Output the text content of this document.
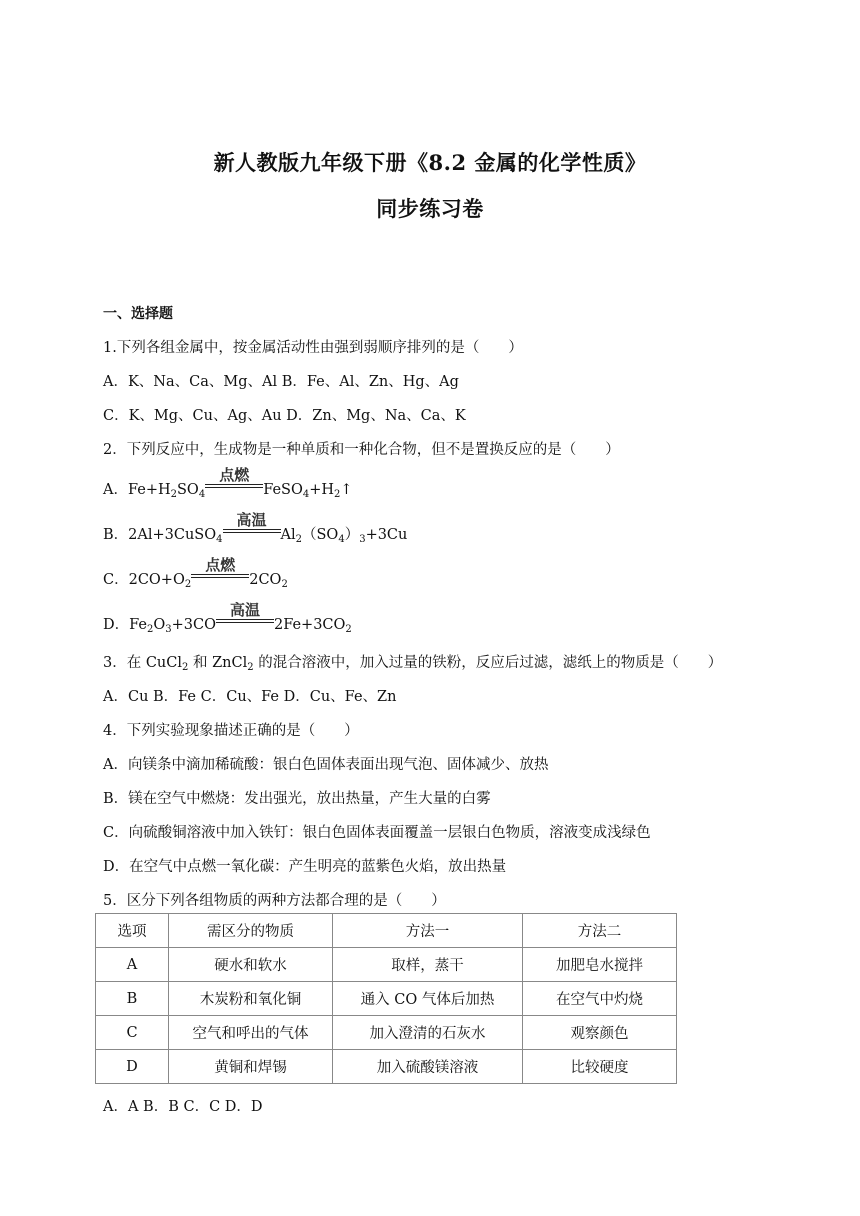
新人教版九年级下册《8.2 金属的化学性质》
同步练习卷
一、选择题
1.下列各组金属中，按金属活动性由强到弱顺序排列的是（　　）
A．K、Na、Ca、Mg、Al B．Fe、Al、Zn、Hg、Ag
C．K、Mg、Cu、Ag、Au D．Zn、Mg、Na、Ca、K
2．下列反应中，生成物是一种单质和一种化合物，但不是置换反应的是（　　）
A．$Fe+H_2SO_4$
点燃
$FeSO_4+H_2↑$
B．2Al+3CuSO$_4$
高温
$Al_2(SO_4)_3+3Cu$
C．$2CO+O_2$
点燃
$2CO_2$
D．$Fe_2O_3+3CO$
高温
$2Fe+3CO_2$
3．在 CuCl$_2$ 和 ZnCl$_2$ 的混合溶液中，加入过量的铁粉，反应后过滤，滤纸上的物质是（　　）
A．Cu B．Fe C．Cu、Fe D．Cu、Fe、Zn
4．下列实验现象描述正确的是（　　）
A．向镁条中滴加稀硫酸：银白色固体表面出现气泡、固体减少、放热
B．镁在空气中燃烧：发出强光，放出热量，产生大量的白雾
C．向硫酸铜溶液中加入铁钉：银白色固体表面覆盖一层银白色物质，溶液变成浅绿色
D．在空气中点燃一氧化碳：产生明亮的蓝紫色火焰，放出热量
5．区分下列各组物质的两种方法都合理的是（　　）
选项	需区分的物质	方法一	方法二
A	硬水和软水	取样，蒸干	加肥皂水搅拌
B	木炭粉和氧化铜	通入 CO 气体后加热	在空气中灼烧
C	空气和呼出的气体	加入澄清的石灰水	观察颜色
D	黄铜和焊锡	加入硫酸镁溶液	比较硬度
A．A B．B C．C D．D
